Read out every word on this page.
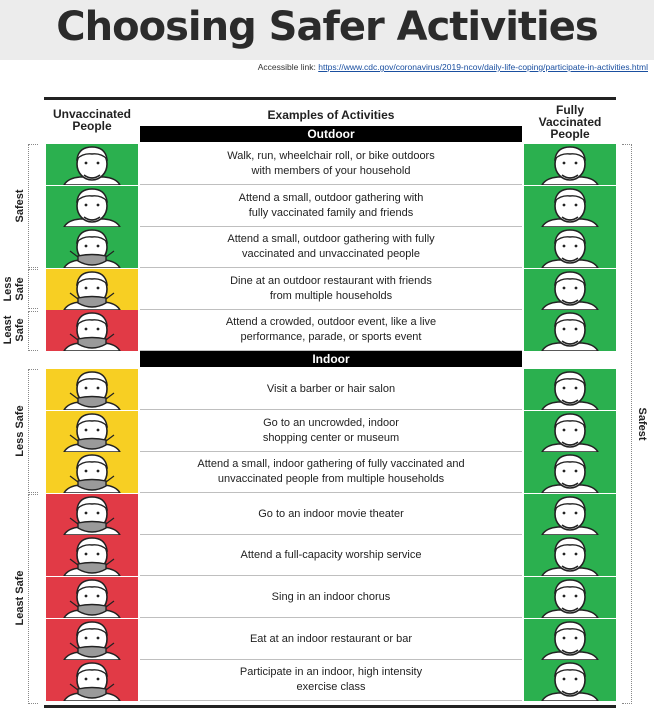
Choosing Safer Activities
Accessible link: https://www.cdc.gov/coronavirus/2019-ncov/daily-life-coping/participate-in-activities.html
Unvaccinated People
Examples of Activities	Fully Vaccinated People
Outdoor
Indoor
Walk, run, wheelchair roll, or bike outdoors
with members of your household
Attend a small, outdoor gathering with
fully vaccinated family and friends
Attend a small, outdoor gathering with fully
vaccinated and unvaccinated people
Dine at an outdoor restaurant with friends
from multiple households
Attend a crowded, outdoor event, like a live
performance, parade, or sports event
Visit a barber or hair salon
Go to an uncrowded, indoor
shopping center or museum
Attend a small, indoor gathering of fully vaccinated and
unvaccinated people from multiple households
Go to an indoor movie theater
Attend a full-capacity worship service
Sing in an indoor chorus
Eat at an indoor restaurant or bar
Participate in an indoor, high intensity
exercise class
Safest
Less
Safe
Least
Safe
Less Safe
Least Safe
Safest
